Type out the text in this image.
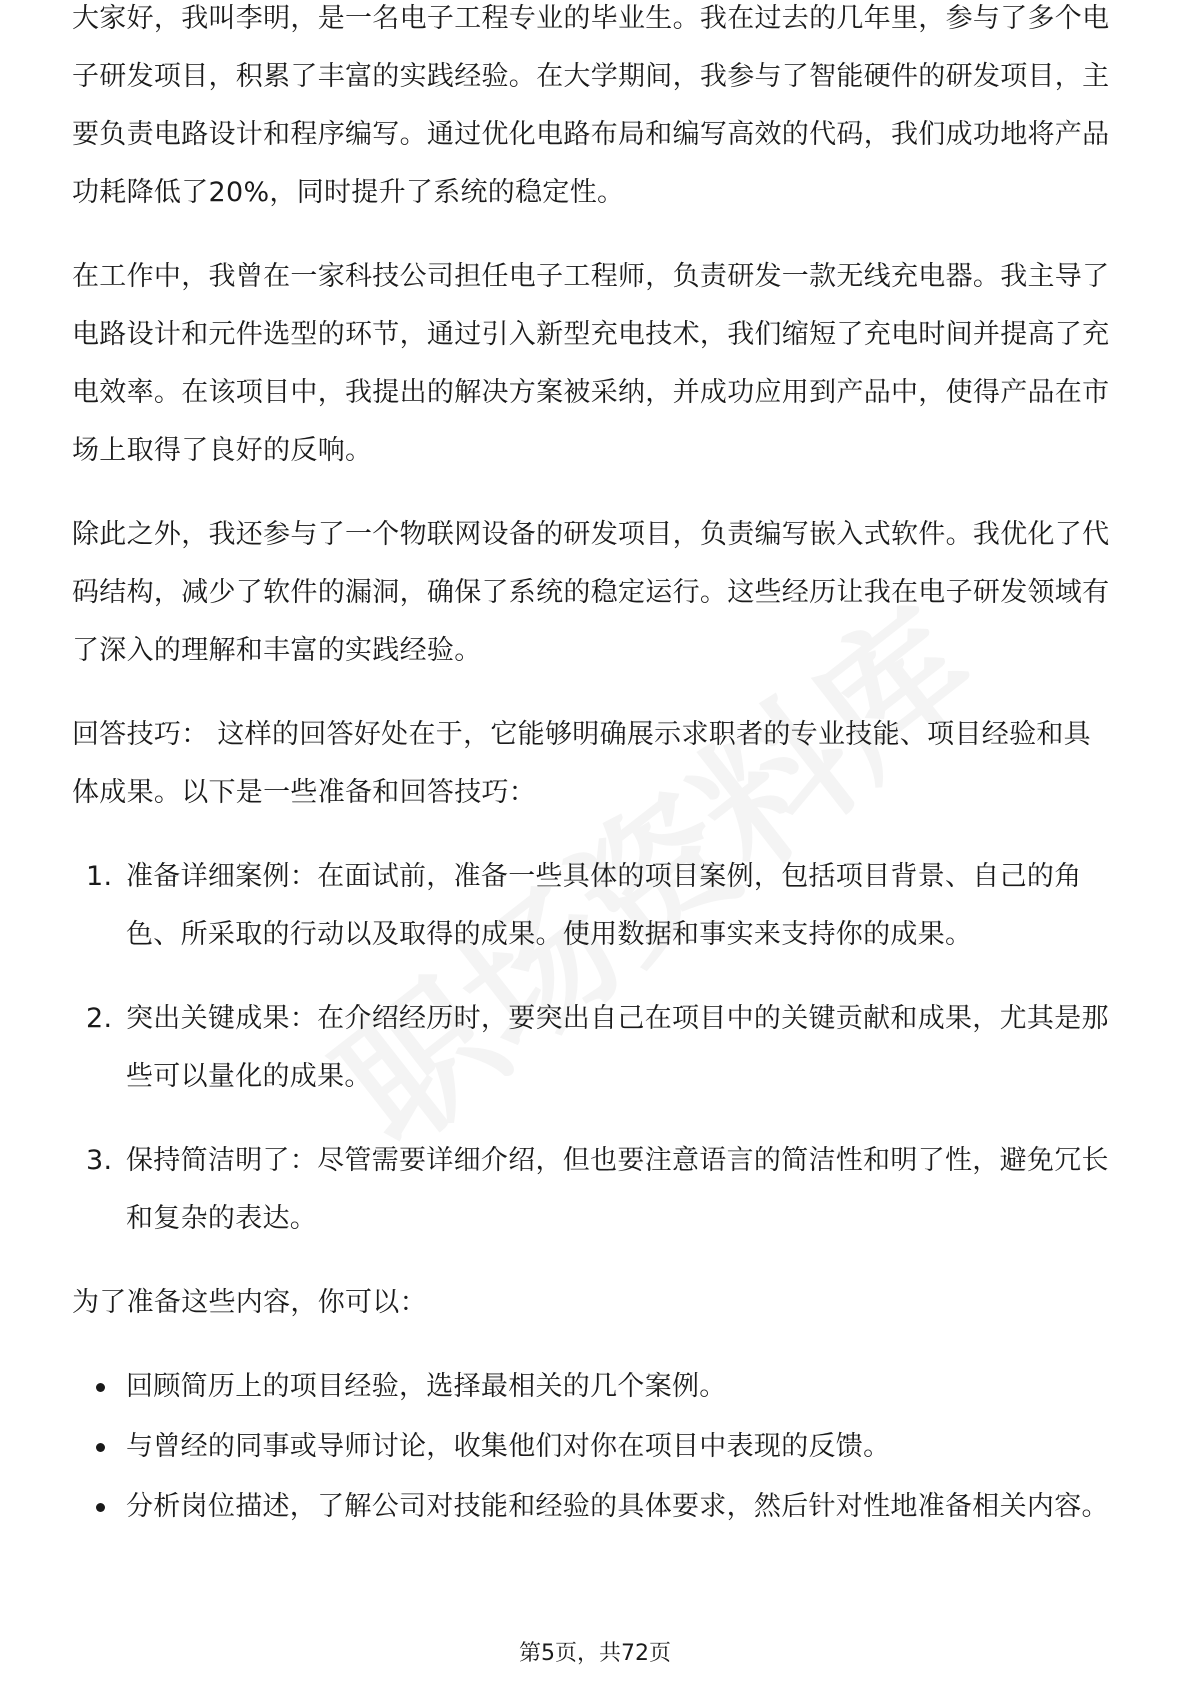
大家好，我叫李明，是一名电子工程专业的毕业生。我在过去的几年里，参与了多个电子研发项目，积累了丰富的实践经验。在大学期间，我参与了智能硬件的研发项目，主要负责电路设计和程序编写。通过优化电路布局和编写高效的代码，我们成功地将产品功耗降低了20%，同时提升了系统的稳定性。

在工作中，我曾在一家科技公司担任电子工程师，负责研发一款无线充电器。我主导了电路设计和元件选型的环节，通过引入新型充电技术，我们缩短了充电时间并提高了充电效率。在该项目中，我提出的解决方案被采纳，并成功应用到产品中，使得产品在市场上取得了良好的反响。

除此之外，我还参与了一个物联网设备的研发项目，负责编写嵌入式软件。我优化了代码结构，减少了软件的漏洞，确保了系统的稳定运行。这些经历让我在电子研发领域有了深入的理解和丰富的实践经验。

回答技巧： 这样的回答好处在于，它能够明确展示求职者的专业技能、项目经验和具体成果。以下是一些准备和回答技巧：

1. 准备详细案例：在面试前，准备一些具体的项目案例，包括项目背景、自己的角色、所采取的行动以及取得的成果。使用数据和事实来支持你的成果。
2. 突出关键成果：在介绍经历时，要突出自己在项目中的关键贡献和成果，尤其是那些可以量化的成果。
3. 保持简洁明了：尽管需要详细介绍，但也要注意语言的简洁性和明了性，避免冗长和复杂的表达。

为了准备这些内容，你可以：

回顾简历上的项目经验，选择最相关的几个案例。
与曾经的同事或导师讨论，收集他们对你在项目中表现的反馈。
分析岗位描述，了解公司对技能和经验的具体要求，然后针对性地准备相关内容。
第5页，共72页
